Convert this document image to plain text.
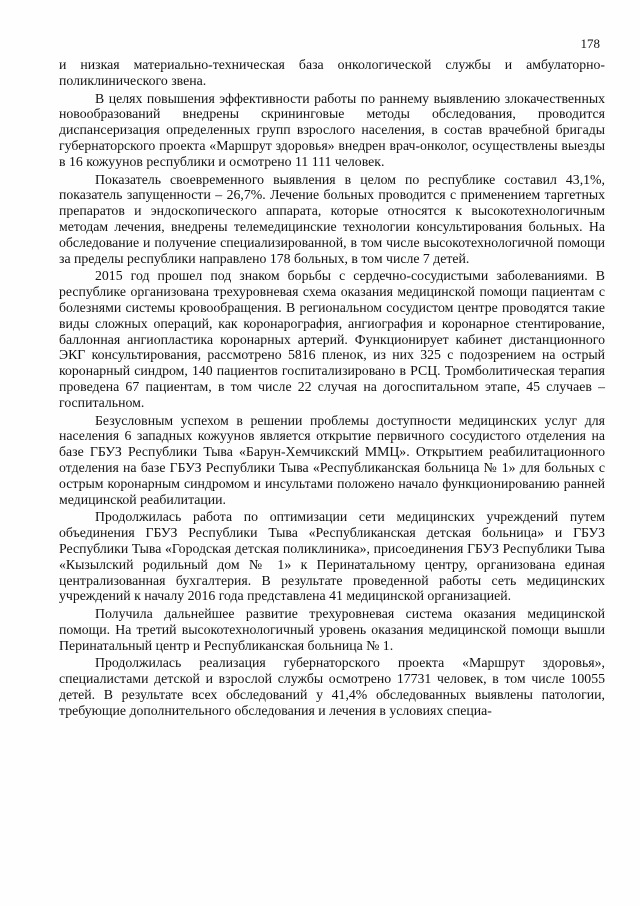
178

и низкая материально-техническая база онкологической службы и амбулаторно-поликлинического звена.

В целях повышения эффективности работы по раннему выявлению злокачественных новообразований внедрены скрининговые методы обследования, проводится диспансеризация определенных групп взрослого населения, в состав врачебной бригады губернаторского проекта «Маршрут здоровья» внедрен врач-онколог, осуществлены выезды в 16 кожуунов республики и осмотрено 11 111 человек.

Показатель своевременного выявления в целом по республике составил 43,1%, показатель запущенности – 26,7%. Лечение больных проводится с применением таргетных препаратов и эндоскопического аппарата, которые относятся к высокотехнологичным методам лечения, внедрены телемедицинские технологии консультирования больных. На обследование и получение специализированной, в том числе высокотехнологичной помощи за пределы республики направлено 178 больных, в том числе 7 детей.

2015 год прошел под знаком борьбы с сердечно-сосудистыми заболеваниями. В республике организована трехуровневая схема оказания медицинской помощи пациентам с болезнями системы кровообращения. В региональном сосудистом центре проводятся такие виды сложных операций, как коронарография, ангиография и коронарное стентирование, баллонная ангиопластика коронарных артерий. Функционирует кабинет дистанционного ЭКГ консультирования, рассмотрено 5816 пленок, из них 325 с подозрением на острый коронарный синдром, 140 пациентов госпитализировано в РСЦ. Тромболитическая терапия проведена 67 пациентам, в том числе 22 случая на догоспитальном этапе, 45 случаев – госпитальном.

Безусловным успехом в решении проблемы доступности медицинских услуг для населения 6 западных кожуунов является открытие первичного сосудистого отделения на базе ГБУЗ Республики Тыва «Барун-Хемчикский ММЦ». Открытием реабилитационного отделения на базе ГБУЗ Республики Тыва «Республиканская больница № 1» для больных с острым коронарным синдромом и инсультами положено начало функционированию ранней медицинской реабилитации.

Продолжилась работа по оптимизации сети медицинских учреждений путем объединения ГБУЗ Республики Тыва «Республиканская детская больница» и ГБУЗ Республики Тыва «Городская детская поликлиника», присоединения ГБУЗ Республики Тыва «Кызылский родильный дом № 1» к Перинатальному центру, организована единая централизованная бухгалтерия. В результате проведенной работы сеть медицинских учреждений к началу 2016 года представлена 41 медицинской организацией.

Получила дальнейшее развитие трехуровневая система оказания медицинской помощи. На третий высокотехнологичный уровень оказания медицинской помощи вышли Перинатальный центр и Республиканская больница № 1.

Продолжилась реализация губернаторского проекта «Маршрут здоровья», специалистами детской и взрослой службы осмотрено 17731 человек, в том числе 10055 детей. В результате всех обследований у 41,4% обследованных выявлены патологии, требующие дополнительного обследования и лечения в условиях специа-
